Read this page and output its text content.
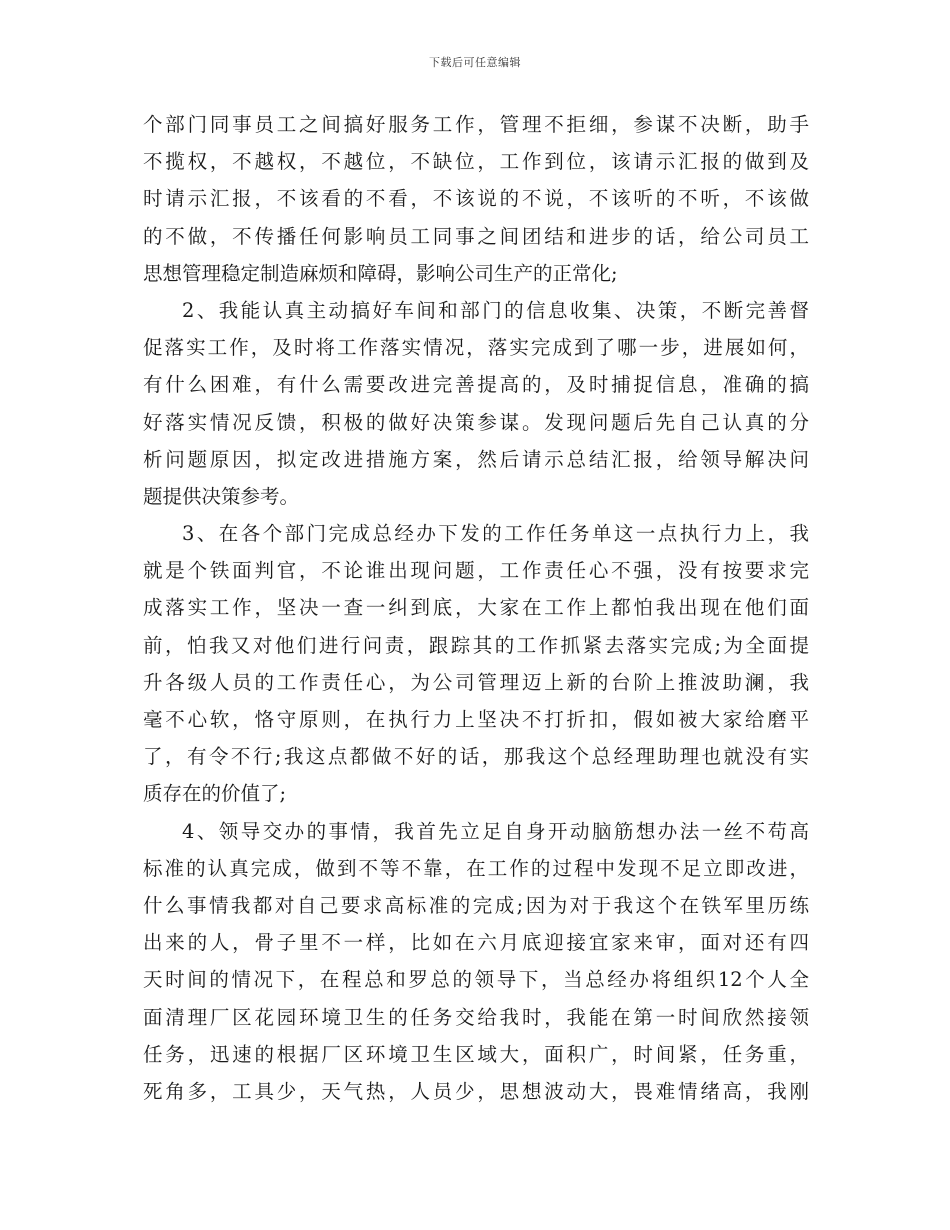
下载后可任意编辑
个部门同事员工之间搞好服务工作，管理不拒细，参谋不决断，助手
不揽权，不越权，不越位，不缺位，工作到位，该请示汇报的做到及
时请示汇报，不该看的不看，不该说的不说，不该听的不听，不该做
的不做，不传播任何影响员工同事之间团结和进步的话，给公司员工
思想管理稳定制造麻烦和障碍，影响公司生产的正常化;
2、我能认真主动搞好车间和部门的信息收集、决策，不断完善督
促落实工作，及时将工作落实情况，落实完成到了哪一步，进展如何，
有什么困难，有什么需要改进完善提高的，及时捕捉信息，准确的搞
好落实情况反馈，积极的做好决策参谋。发现问题后先自己认真的分
析问题原因，拟定改进措施方案，然后请示总结汇报，给领导解决问
题提供决策参考。
3、在各个部门完成总经办下发的工作任务单这一点执行力上，我
就是个铁面判官，不论谁出现问题，工作责任心不强，没有按要求完
成落实工作，坚决一查一纠到底，大家在工作上都怕我出现在他们面
前，怕我又对他们进行问责，跟踪其的工作抓紧去落实完成;为全面提
升各级人员的工作责任心，为公司管理迈上新的台阶上推波助澜，我
毫不心软，恪守原则，在执行力上坚决不打折扣，假如被大家给磨平
了，有令不行;我这点都做不好的话，那我这个总经理助理也就没有实
质存在的价值了;
4、领导交办的事情，我首先立足自身开动脑筋想办法一丝不苟高
标准的认真完成，做到不等不靠，在工作的过程中发现不足立即改进，
什么事情我都对自己要求高标准的完成;因为对于我这个在铁军里历练
出来的人，骨子里不一样，比如在六月底迎接宜家来审，面对还有四
天时间的情况下，在程总和罗总的领导下，当总经办将组织12个人全
面清理厂区花园环境卫生的任务交给我时，我能在第一时间欣然接领
任务，迅速的根据厂区环境卫生区域大，面积广，时间紧，任务重，
死角多，工具少，天气热，人员少，思想波动大，畏难情绪高，我刚
